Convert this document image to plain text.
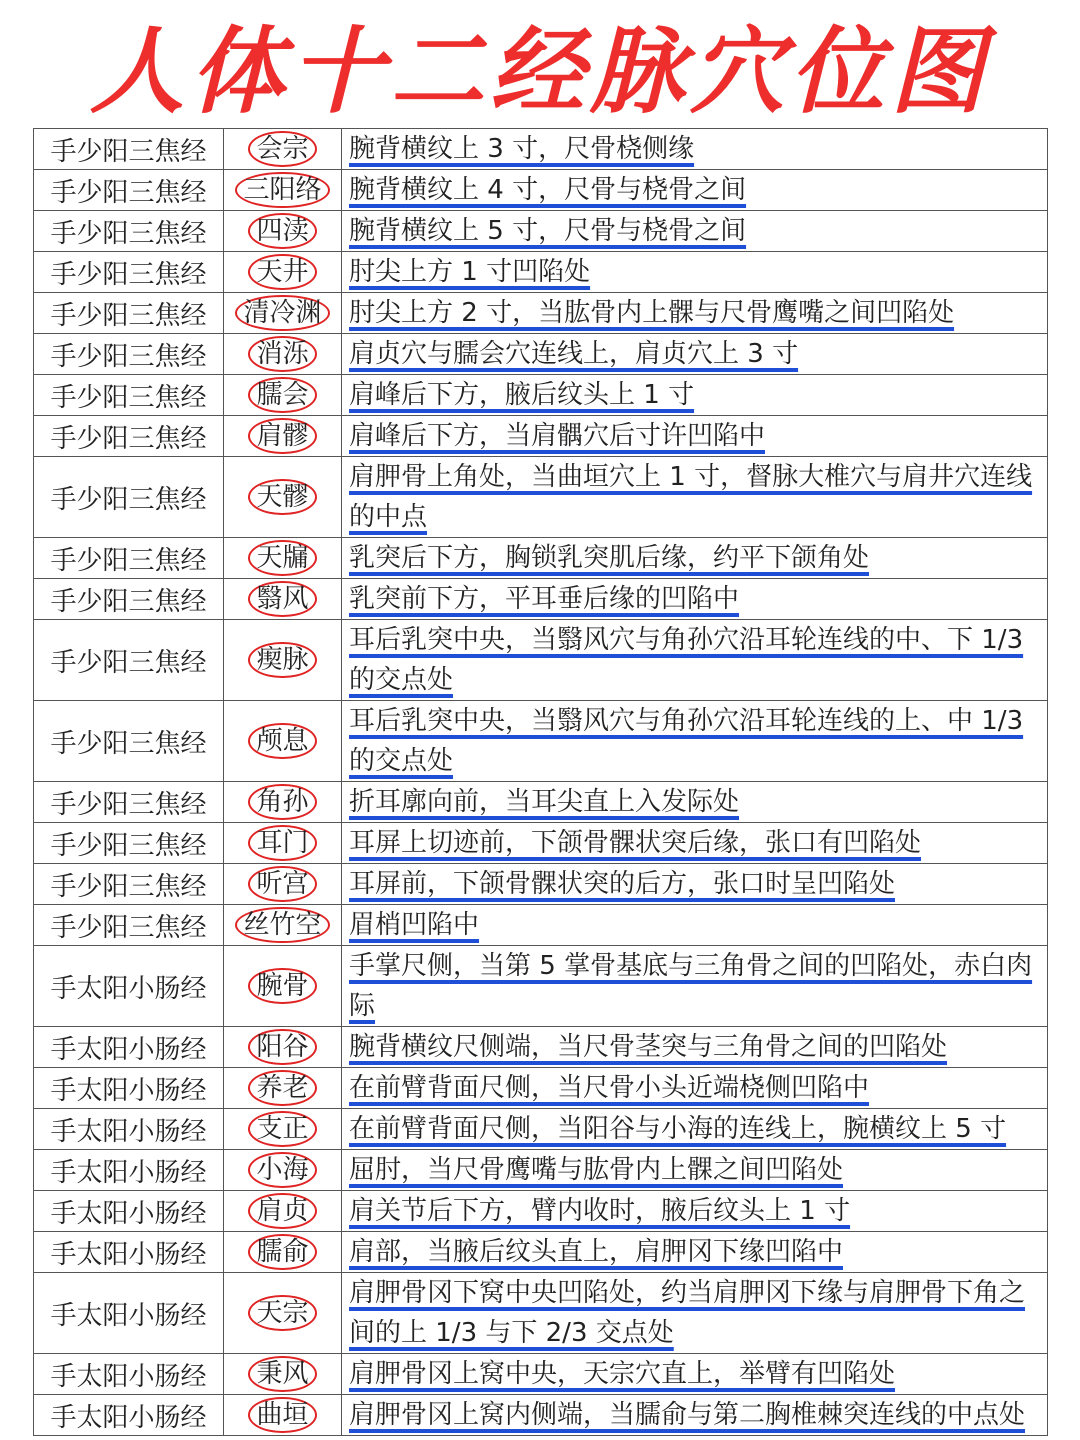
人体十二经脉穴位图
手少阳三焦经	会宗	腕背横纹上 3 寸，尺骨桡侧缘
手少阳三焦经	三阳络	腕背横纹上 4 寸，尺骨与桡骨之间
手少阳三焦经	四渎	腕背横纹上 5 寸，尺骨与桡骨之间
手少阳三焦经	天井	肘尖上方 1 寸凹陷处
手少阳三焦经	清冷渊	肘尖上方 2 寸，当肱骨内上髁与尺骨鹰嘴之间凹陷处
手少阳三焦经	消泺	肩贞穴与臑会穴连线上，肩贞穴上 3 寸
手少阳三焦经	臑会	肩峰后下方，腋后纹头上 1 寸
手少阳三焦经	肩髎	肩峰后下方，当肩髃穴后寸许凹陷中
手少阳三焦经	天髎	肩胛骨上角处，当曲垣穴上 1 寸，督脉大椎穴与肩井穴连线的中点
手少阳三焦经	天牖	乳突后下方，胸锁乳突肌后缘，约平下颌角处
手少阳三焦经	翳风	乳突前下方，平耳垂后缘的凹陷中
手少阳三焦经	瘈脉	耳后乳突中央，当翳风穴与角孙穴沿耳轮连线的中、下 1/3 的交点处
手少阳三焦经	颅息	耳后乳突中央，当翳风穴与角孙穴沿耳轮连线的上、中 1/3 的交点处
手少阳三焦经	角孙	折耳廓向前，当耳尖直上入发际处
手少阳三焦经	耳门	耳屏上切迹前，下颌骨髁状突后缘，张口有凹陷处
手少阳三焦经	听宫	耳屏前，下颌骨髁状突的后方，张口时呈凹陷处
手少阳三焦经	丝竹空	眉梢凹陷中
手太阳小肠经	腕骨	手掌尺侧，当第 5 掌骨基底与三角骨之间的凹陷处，赤白肉际
手太阳小肠经	阳谷	腕背横纹尺侧端，当尺骨茎突与三角骨之间的凹陷处
手太阳小肠经	养老	在前臂背面尺侧，当尺骨小头近端桡侧凹陷中
手太阳小肠经	支正	在前臂背面尺侧，当阳谷与小海的连线上，腕横纹上 5 寸
手太阳小肠经	小海	屈肘，当尺骨鹰嘴与肱骨内上髁之间凹陷处
手太阳小肠经	肩贞	肩关节后下方，臂内收时，腋后纹头上 1 寸
手太阳小肠经	臑俞	肩部，当腋后纹头直上，肩胛冈下缘凹陷中
手太阳小肠经	天宗	肩胛骨冈下窝中央凹陷处，约当肩胛冈下缘与肩胛骨下角之间的上 1/3 与下 2/3 交点处
手太阳小肠经	秉风	肩胛骨冈上窝中央，天宗穴直上，举臂有凹陷处
手太阳小肠经	曲垣	肩胛骨冈上窝内侧端，当臑俞与第二胸椎棘突连线的中点处
